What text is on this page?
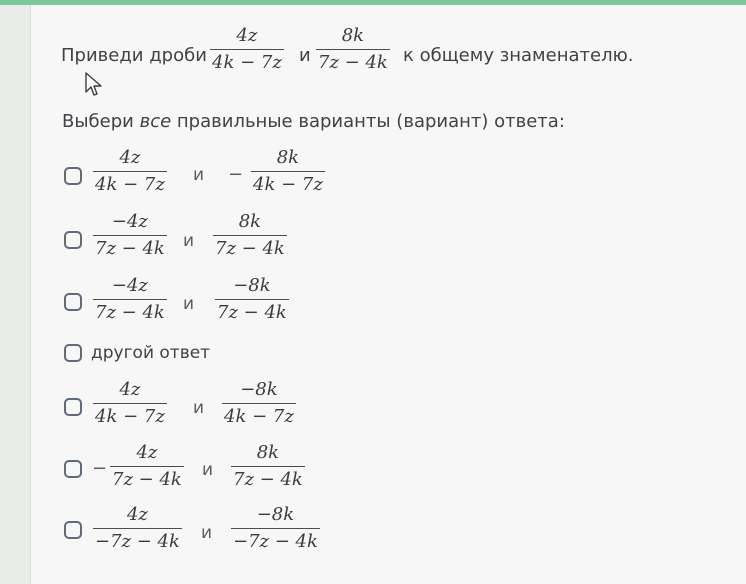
Приведи дроби
4z
4k − 7z и
8k
7z − 4k к общему знаменателю.
Выбери все правильные варианты (вариант) ответа:
4z
4k − 7z и −
8k
4k − 7z
−4z
7z − 4k и
8k
7z − 4k
−4z
7z − 4k и
−8k
7z − 4k
другой ответ
4z
4k − 7z и
−8k
4k − 7z
−
4z
7z − 4k и
8k
7z − 4k
4z
−7z − 4k и
−8k
−7z − 4k
